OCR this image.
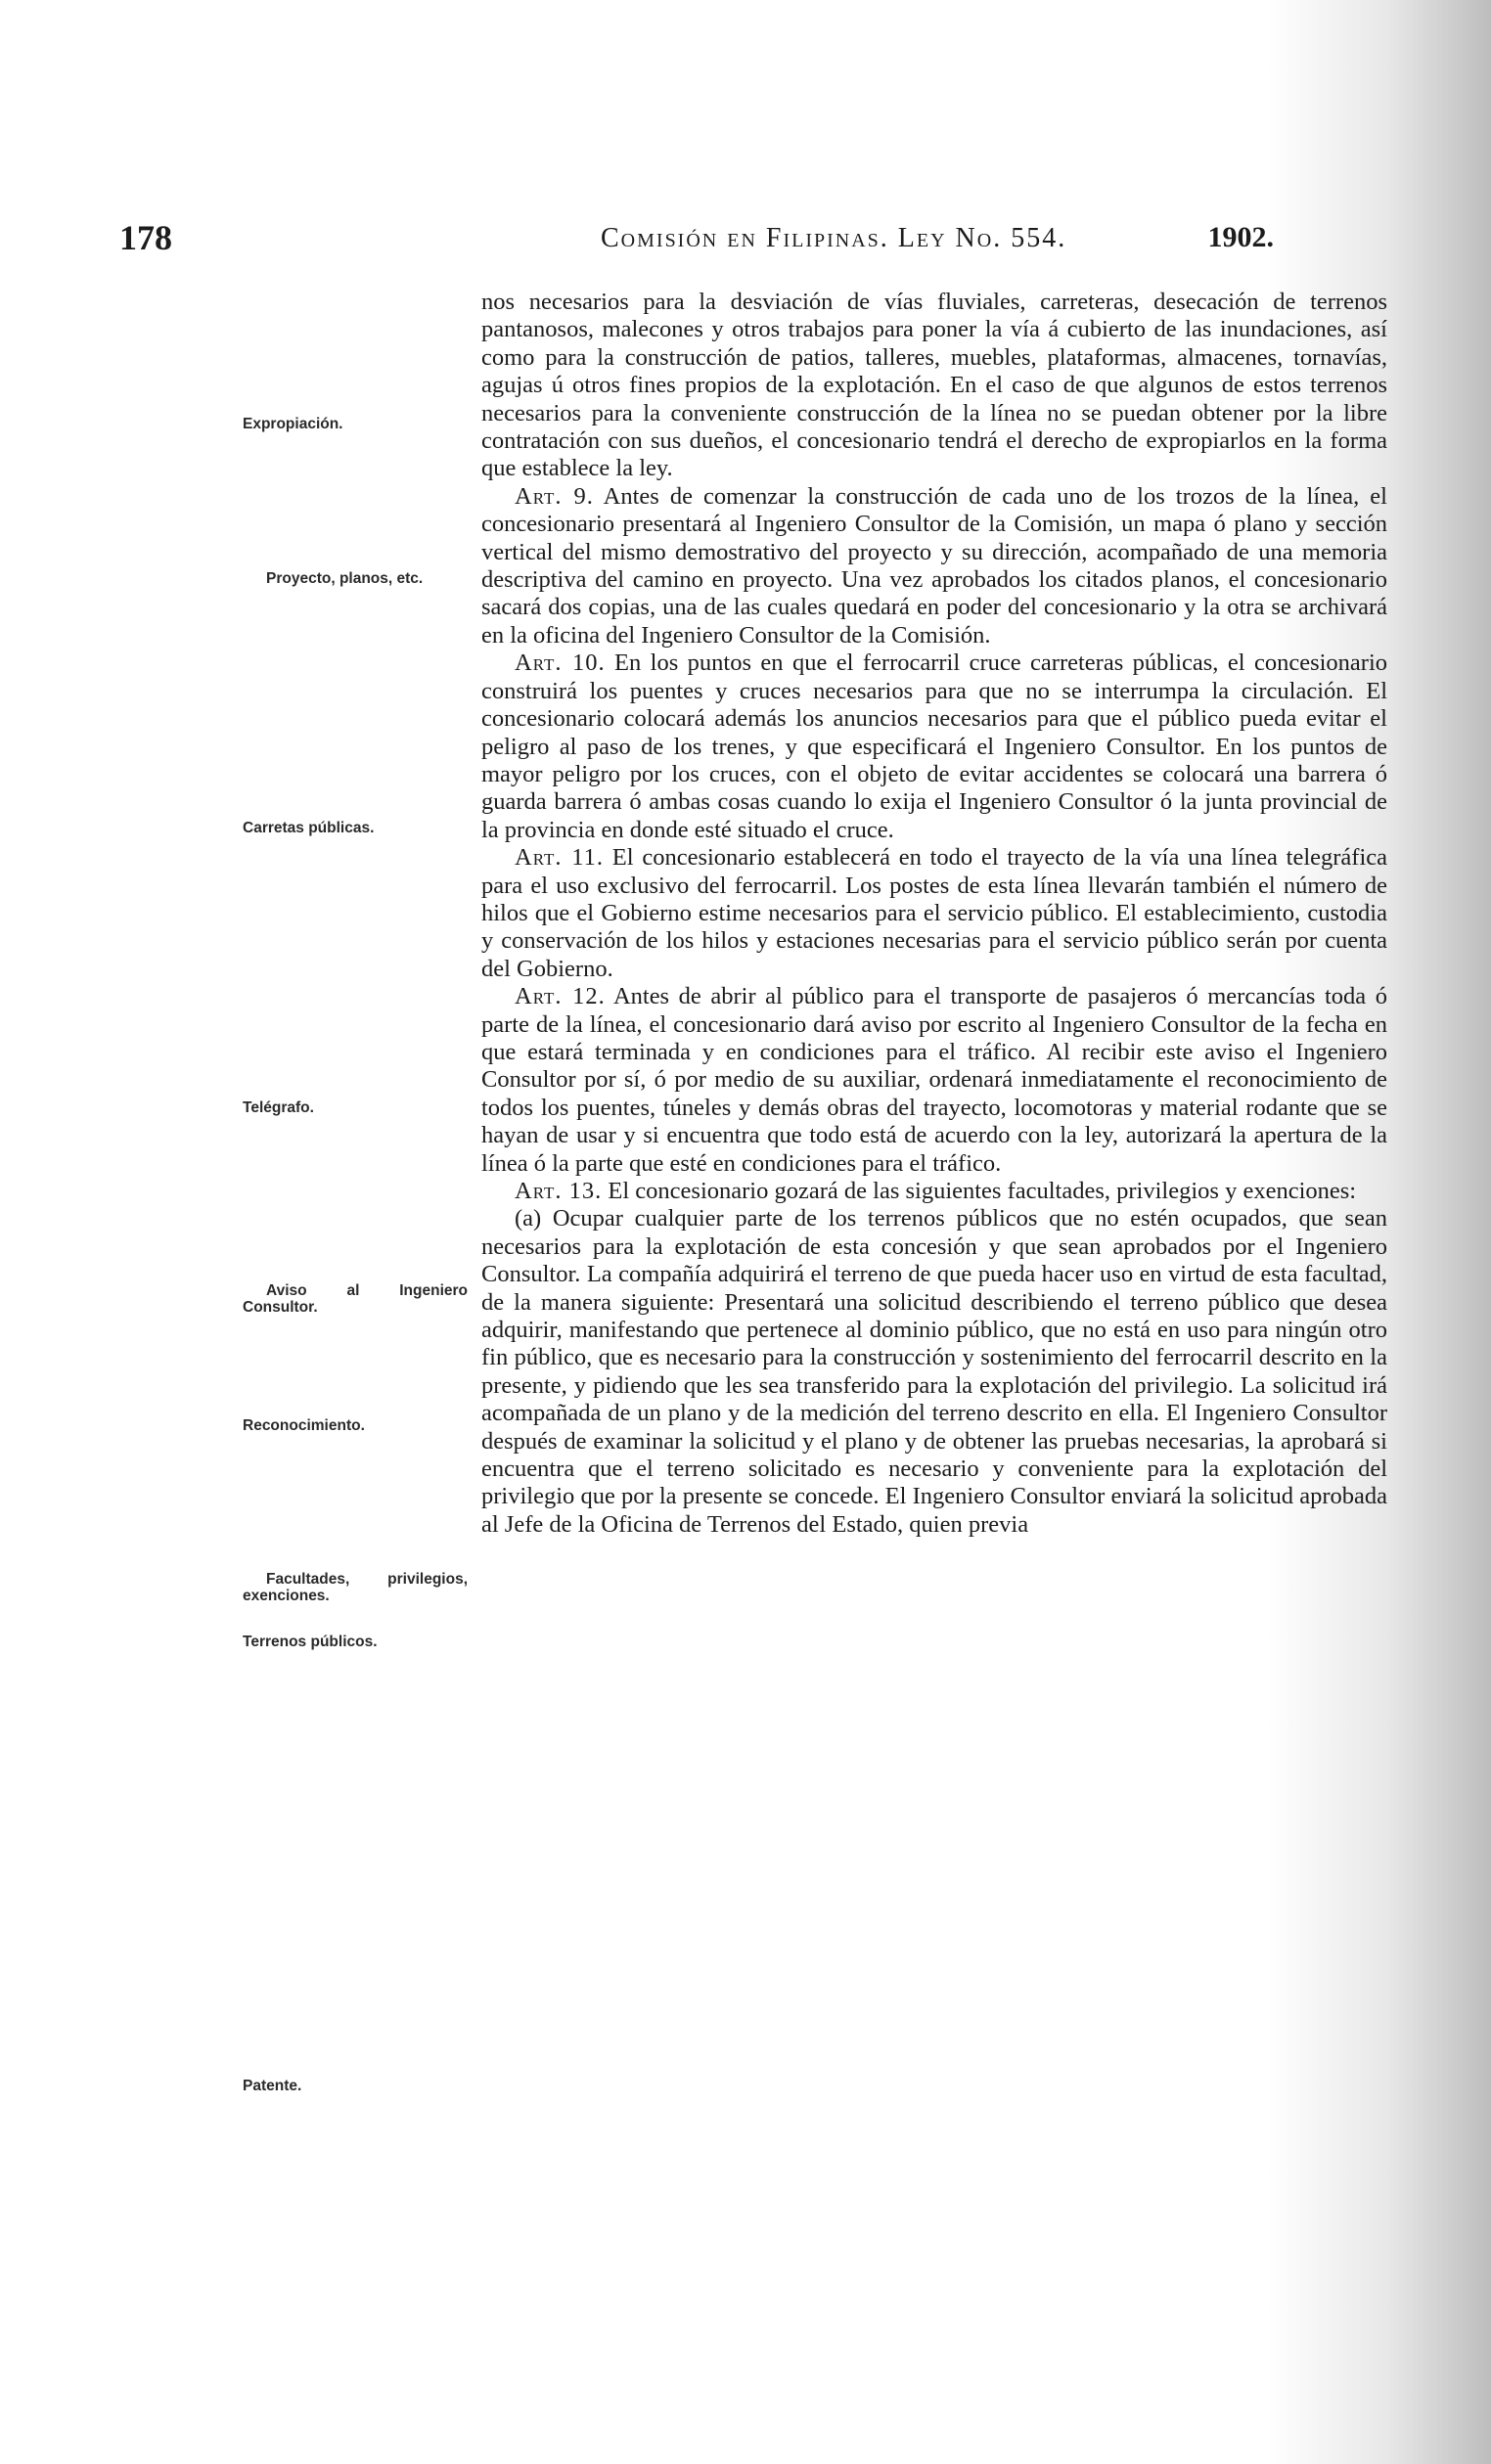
178	Comisión en Filipinas. Ley No. 554.	1902.
Expropiación.
Proyecto, planos, etc.
Carretas públicas.
Telégrafo.
Aviso al Ingeniero Consultor.
Reconocimiento.
Facultades, privilegios, exenciones.
Terrenos públicos.
Patente.

nos necesarios para la desviación de vías fluviales, carreteras, desecación de terrenos pantanosos, malecones y otros trabajos para poner la vía á cubierto de las inundaciones, así como para la construcción de patios, talleres, muebles, plataformas, almacenes, tornavías, agujas ú otros fines propios de la explotación. En el caso de que algunos de estos terrenos necesarios para la conveniente construcción de la línea no se puedan obtener por la libre contratación con sus dueños, el concesionario tendrá el derecho de expropiarlos en la forma que establece la ley.

Art. 9. Antes de comenzar la construcción de cada uno de los trozos de la línea, el concesionario presentará al Ingeniero Consultor de la Comisión, un mapa ó plano y sección vertical del mismo demostrativo del proyecto y su dirección, acompañado de una memoria descriptiva del camino en proyecto. Una vez aprobados los citados planos, el concesionario sacará dos copias, una de las cuales quedará en poder del concesionario y la otra se archivará en la oficina del Ingeniero Consultor de la Comisión.

Art. 10. En los puntos en que el ferrocarril cruce carreteras públicas, el concesionario construirá los puentes y cruces necesarios para que no se interrumpa la circulación. El concesionario colocará además los anuncios necesarios para que el público pueda evitar el peligro al paso de los trenes, y que especificará el Ingeniero Consultor. En los puntos de mayor peligro por los cruces, con el objeto de evitar accidentes se colocará una barrera ó guarda barrera ó ambas cosas cuando lo exija el Ingeniero Consultor ó la junta provincial de la provincia en donde esté situado el cruce.

Art. 11. El concesionario establecerá en todo el trayecto de la vía una línea telegráfica para el uso exclusivo del ferrocarril. Los postes de esta línea llevarán también el número de hilos que el Gobierno estime necesarios para el servicio público. El establecimiento, custodia y conservación de los hilos y estaciones necesarias para el servicio público serán por cuenta del Gobierno.

Art. 12. Antes de abrir al público para el transporte de pasajeros ó mercancías toda ó parte de la línea, el concesionario dará aviso por escrito al Ingeniero Consultor de la fecha en que estará terminada y en condiciones para el tráfico. Al recibir este aviso el Ingeniero Consultor por sí, ó por medio de su auxiliar, ordenará inmediatamente el reconocimiento de todos los puentes, túneles y demás obras del trayecto, locomotoras y material rodante que se hayan de usar y si encuentra que todo está de acuerdo con la ley, autorizará la apertura de la línea ó la parte que esté en condiciones para el tráfico.

Art. 13. El concesionario gozará de las siguientes facultades, privilegios y exenciones:

(a) Ocupar cualquier parte de los terrenos públicos que no estén ocupados, que sean necesarios para la explotación de esta concesión y que sean aprobados por el Ingeniero Consultor. La compañía adquirirá el terreno de que pueda hacer uso en virtud de esta facultad, de la manera siguiente: Presentará una solicitud describiendo el terreno público que desea adquirir, manifestando que pertenece al dominio público, que no está en uso para ningún otro fin público, que es necesario para la construcción y sostenimiento del ferrocarril descrito en la presente, y pidiendo que les sea transferido para la explotación del privilegio. La solicitud irá acompañada de un plano y de la medición del terreno descrito en ella. El Ingeniero Consultor después de examinar la solicitud y el plano y de obtener las pruebas necesarias, la aprobará si encuentra que el terreno solicitado es necesario y conveniente para la explotación del privilegio que por la presente se concede. El Ingeniero Consultor enviará la solicitud aprobada al Jefe de la Oficina de Terrenos del Estado, quien previa
